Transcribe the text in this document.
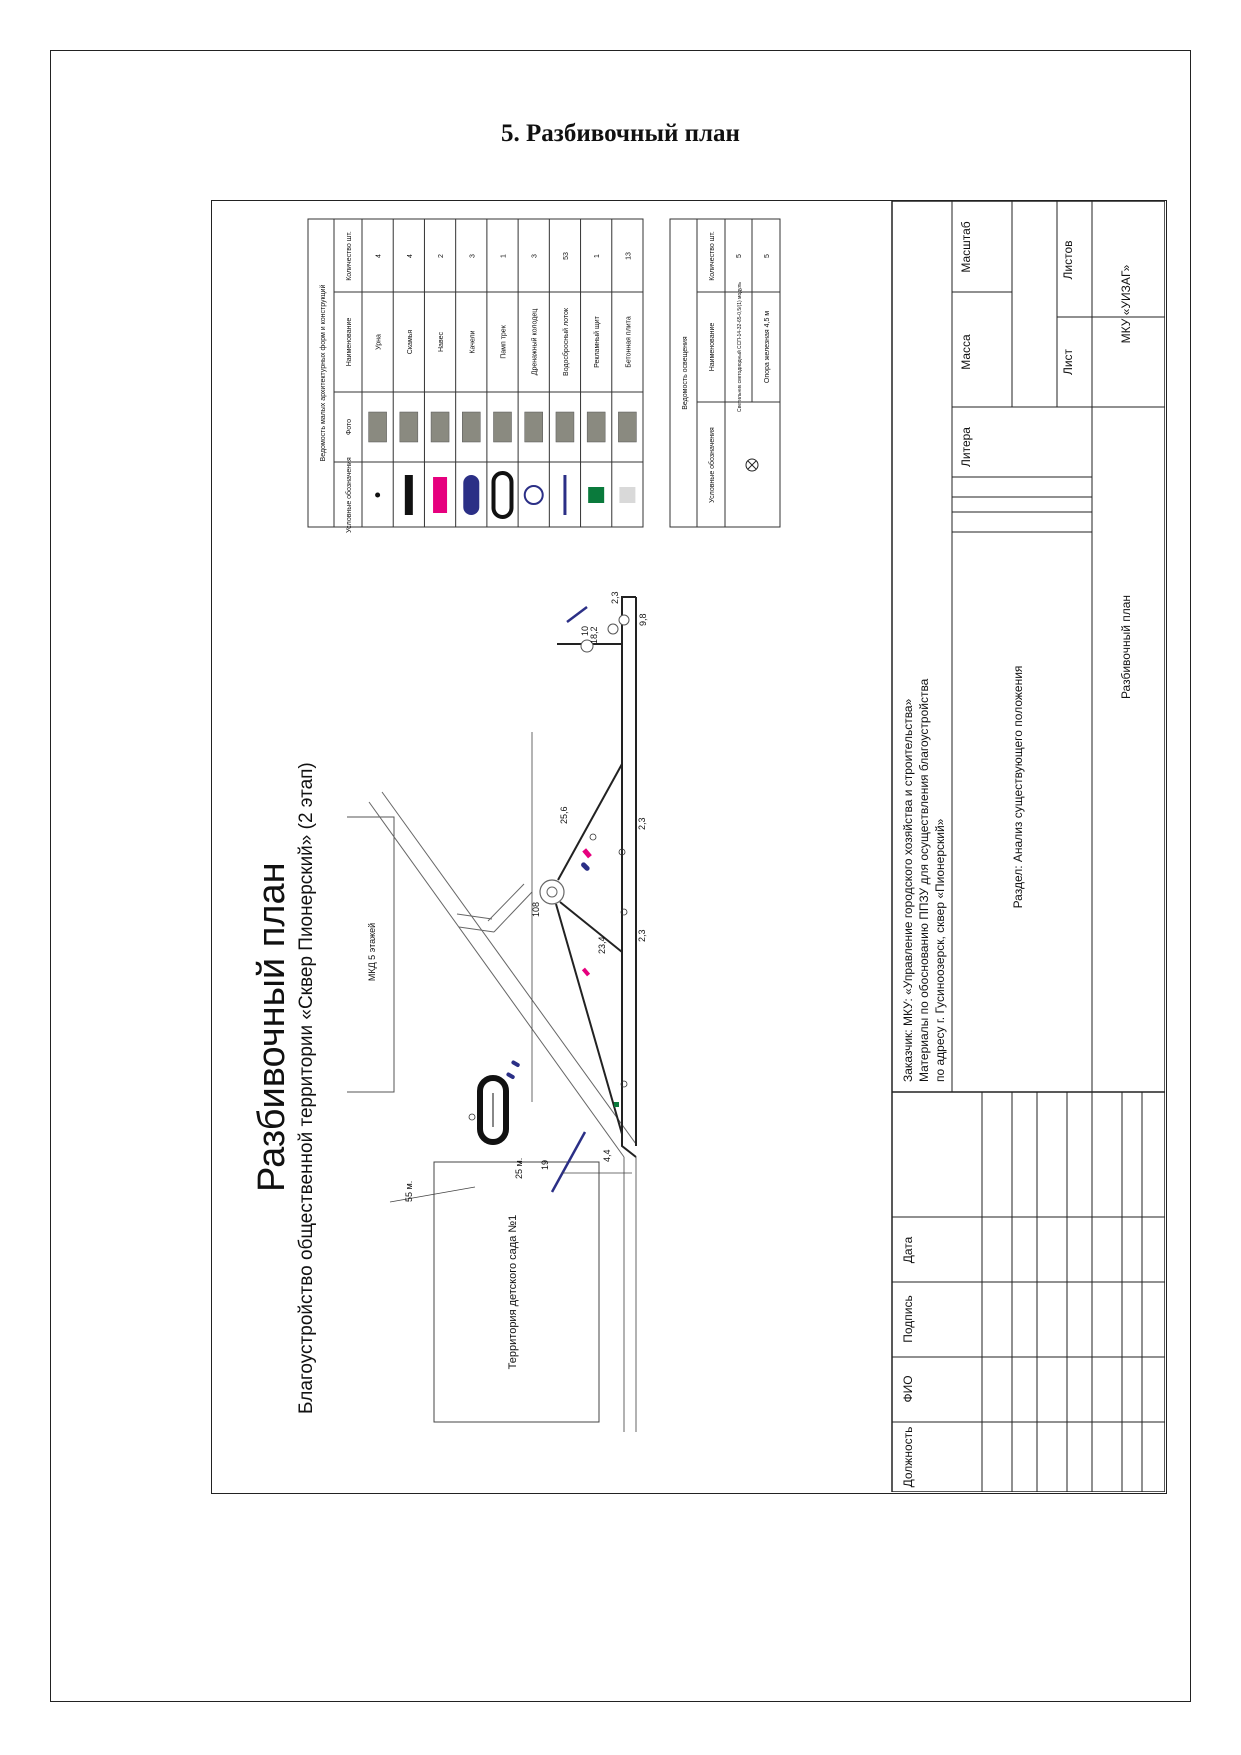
5. Разбивочный план
Разбивочный план Благоустройство общественной территории «Сквер Пионерский» (2 этап)	МКД 5 этажей
Территория детского сада №1
55 м.
25 м. 19
4,4
108
23,4
2,3
25,6	2,3
18,2
10
9,8
2,3
Урна
4
Скамья
4
Навес
2
Качели
3
Памп трек
1
Дренажный колодец
3
Водосбросный лоток
53
Рекламный щит
1
Бетонная плита
13
Ведомость малых архитектурных форм и конструкций
Условные обозначения
Фото
Наименование
Количество шт.
Ведомость освещения
Условные обозначения
Наименование
Количество шт.
Светильник светодиодный ССП-14-32-65-0,5/(1) модуль
5
Опора железная 4,5 м
5
Должность
ФИО
Подпись
Дата
Заказчик: МКУ: «Управление городского хозяйства и строительства» Материалы по обоснованию ППЗУ для осуществления благоустройства по адресу г. Гусиноозерск, сквер «Пионерский»
Раздел: Анализ существующего положения
Разбивочный план
Литера
Масса
Масштаб
Лист
Листов
МКУ «УИЗАГ»
